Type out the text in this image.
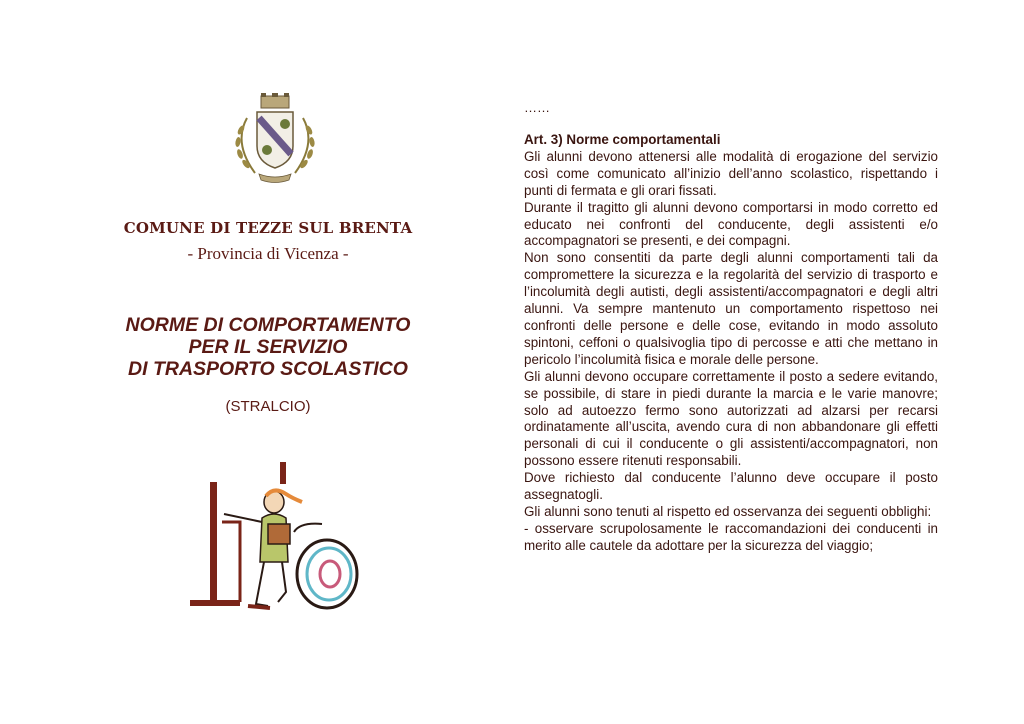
COMUNE DI TEZZE SUL BRENTA
- Provincia di Vicenza -
NORME DI COMPORTAMENTO
PER IL SERVIZIO
DI TRASPORTO SCOLASTICO
(STRALCIO)
……
Art. 3) Norme comportamentali
Gli alunni devono attenersi alle modalità di erogazione del servizio così come comunicato all’inizio dell’anno scolastico, rispettando i punti di fermata e gli orari fissati.
Durante il tragitto gli alunni devono comportarsi in modo corretto ed educato nei confronti del conducente, degli assistenti e/o accompagnatori se presenti, e dei compagni.
Non sono consentiti da parte degli alunni comportamenti tali da compromettere la sicurezza e la regolarità del servizio di trasporto e l’incolumità degli autisti, degli assistenti/accompagnatori e degli altri alunni. Va sempre mantenuto un comportamento rispettoso nei confronti delle persone e delle cose, evitando in modo assoluto spintoni, ceffoni o qualsivoglia tipo di percosse e atti che mettano in pericolo l’incolumità fisica e morale delle persone.
Gli alunni devono occupare correttamente il posto a sedere evitando, se possibile, di stare in piedi durante la marcia e le varie manovre; solo ad autoezzo fermo sono autorizzati ad alzarsi per recarsi ordinatamente all’uscita, avendo cura di non abbandonare gli effetti personali di cui il conducente o gli assistenti/accompagnatori, non possono essere ritenuti responsabili.
Dove richiesto dal conducente l’alunno deve occupare il posto assegnatogli.
Gli alunni sono tenuti al rispetto ed osservanza dei seguenti obblighi:
- osservare scrupolosamente le raccomandazioni dei conducenti in merito alle cautele da adottare per la sicurezza del viaggio;
